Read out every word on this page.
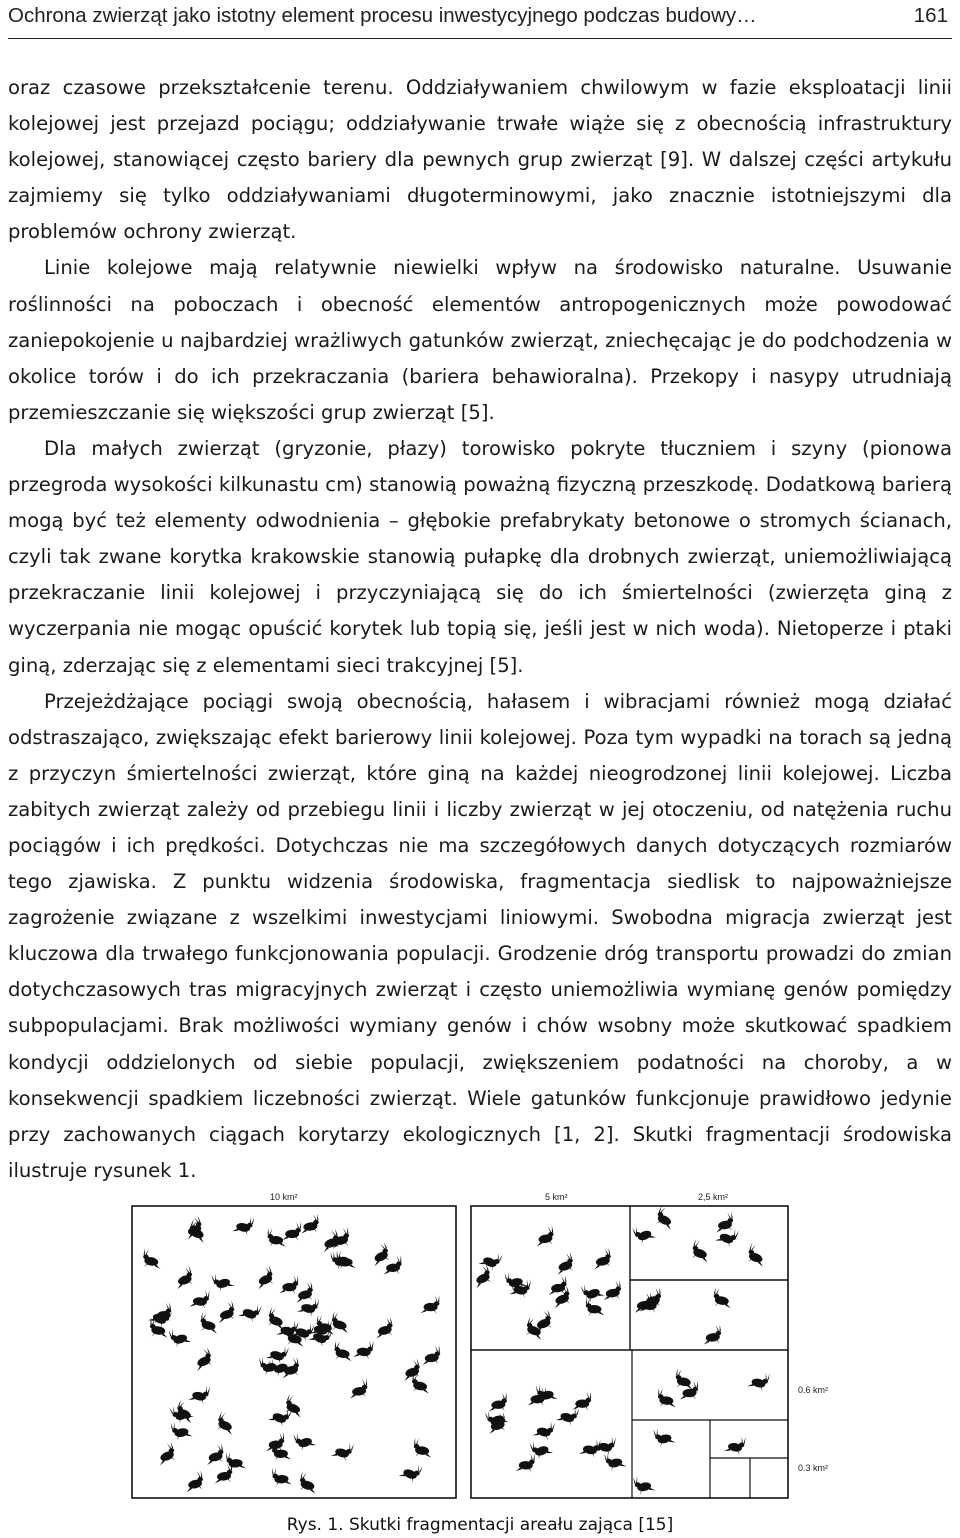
Ochrona zwierząt jako istotny element procesu inwestycyjnego podczas budowy…	161

oraz czasowe przekształcenie terenu. Oddziaływaniem chwilowym w fazie eksploatacji linii kolejowej jest przejazd pociągu; oddziaływanie trwałe wiąże się z obecnością infrastruktury kolejowej, stanowiącej często bariery dla pewnych grup zwierząt [9]. W dalszej części artykułu zajmiemy się tylko oddziaływaniami długoterminowymi, jako znacznie istotniejszymi dla problemów ochrony zwierząt.

Linie kolejowe mają relatywnie niewielki wpływ na środowisko naturalne. Usuwanie roślinności na poboczach i obecność elementów antropogenicznych może powodować zaniepokojenie u najbardziej wrażliwych gatunków zwierząt, zniechęcając je do podchodzenia w okolice torów i do ich przekraczania (bariera behawioralna). Przekopy i nasypy utrudniają przemieszczanie się większości grup zwierząt [5].

Dla małych zwierząt (gryzonie, płazy) torowisko pokryte tłuczniem i szyny (pionowa przegroda wysokości kilkunastu cm) stanowią poważną fizyczną przeszkodę. Dodatkową barierą mogą być też elementy odwodnienia – głębokie prefabrykaty betonowe o stromych ścianach, czyli tak zwane korytka krakowskie stanowią pułapkę dla drobnych zwierząt, uniemożliwiającą przekraczanie linii kolejowej i przyczyniającą się do ich śmiertelności (zwierzęta giną z wyczerpania nie mogąc opuścić korytek lub topią się, jeśli jest w nich woda). Nietoperze i ptaki giną, zderzając się z elementami sieci trakcyjnej [5].

Przejeżdżające pociągi swoją obecnością, hałasem i wibracjami również mogą działać odstraszająco, zwiększając efekt barierowy linii kolejowej. Poza tym wypadki na torach są jedną z przyczyn śmiertelności zwierząt, które giną na każdej nieogrodzonej linii kolejowej. Liczba zabitych zwierząt zależy od przebiegu linii i liczby zwierząt w jej otoczeniu, od natężenia ruchu pociągów i ich prędkości. Dotychczas nie ma szczegółowych danych dotyczących rozmiarów tego zjawiska. Z punktu widzenia środowiska, fragmentacja siedlisk to najpoważniejsze zagrożenie związane z wszelkimi inwestycjami liniowymi. Swobodna migracja zwierząt jest kluczowa dla trwałego funkcjonowania populacji. Grodzenie dróg transportu prowadzi do zmian dotychczasowych tras migracyjnych zwierząt i często uniemożliwia wymianę genów pomiędzy subpopulacjami. Brak możliwości wymiany genów i chów wsobny może skutkować spadkiem kondycji oddzielonych od siebie populacji, zwiększeniem podatności na choroby, a w konsekwencji spadkiem liczebności zwierząt. Wiele gatunków funkcjonuje prawidłowo jedynie przy zachowanych ciągach korytarzy ekologicznych [1, 2]. Skutki fragmentacji środowiska ilustruje rysunek 1.

10 km²	5 km²	2,5 km²
0.6 km²
0.3 km²
Rys. 1. Skutki fragmentacji areału zająca [15]
